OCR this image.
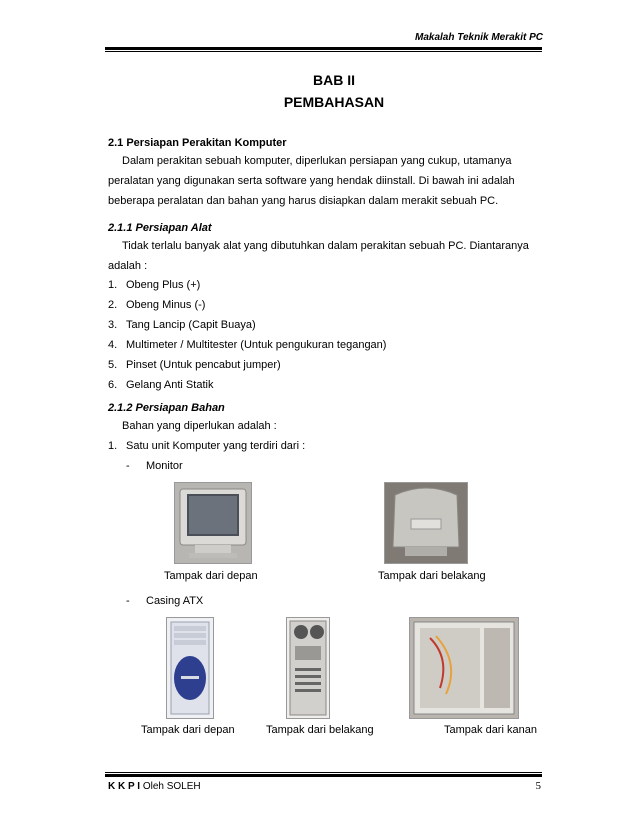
Makalah Teknik Merakit PC
BAB II
PEMBAHASAN
2.1 Persiapan Perakitan Komputer
Dalam perakitan sebuah komputer, diperlukan persiapan yang cukup, utamanya
peralatan yang digunakan serta software yang hendak diinstall. Di bawah ini adalah
beberapa peralatan dan bahan yang harus disiapkan dalam merakit sebuah PC.
2.1.1 Persiapan Alat
Tidak terlalu banyak alat yang dibutuhkan dalam perakitan sebuah PC. Diantaranya
adalah :
1. Obeng Plus (+)
2. Obeng Minus (-)
3. Tang Lancip (Capit Buaya)
4. Multimeter / Multitester (Untuk pengukuran tegangan)
5. Pinset (Untuk pencabut jumper)
6. Gelang Anti Statik
2.1.2 Persiapan Bahan
Bahan yang diperlukan adalah :
1. Satu unit Komputer yang terdiri dari :
- Monitor
Tampak dari depan	Tampak dari belakang
- Casing ATX
Tampak dari depan	Tampak dari belakang	Tampak dari kanan
K K P I Oleh SOLEH	5
